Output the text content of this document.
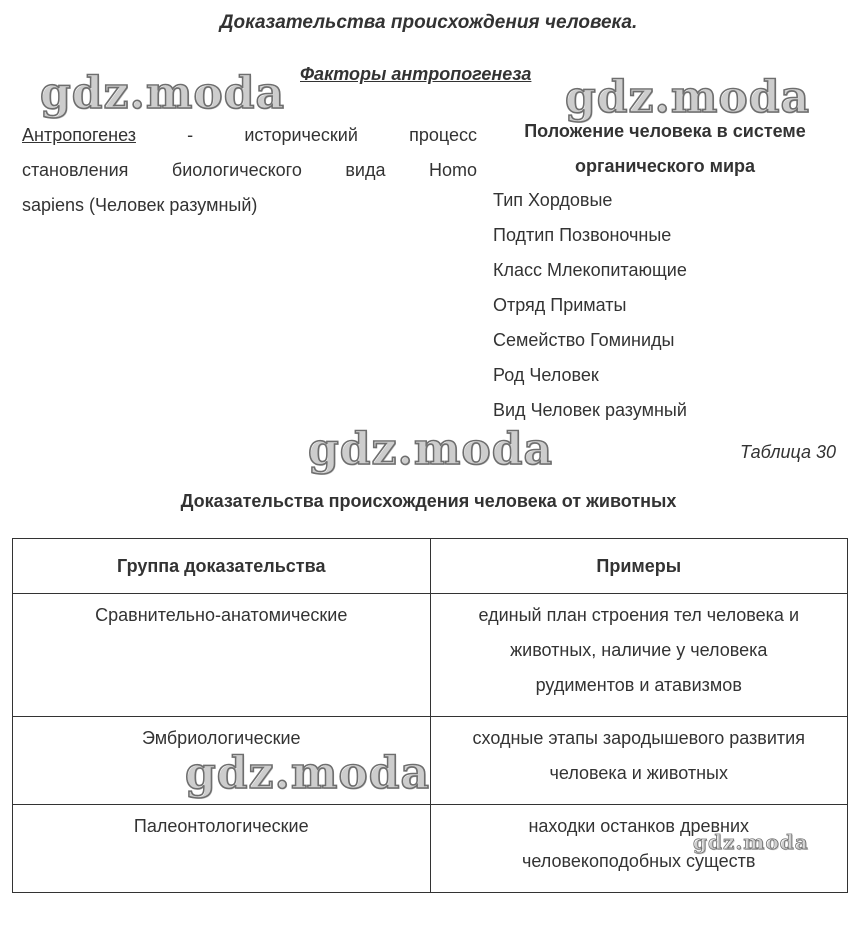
Доказательства происхождения человека.
Факторы антропогенеза
Антропогенез	-	исторический	процесс
становления биологического вида Homo
sapiens (Человек разумный)
Положение человека в системе
органического мира
Тип Хордовые
Подтип Позвоночные
Класс Млекопитающие
Отряд Приматы
Семейство Гоминиды
Род Человек
Вид Человек разумный
Таблица 30
Доказательства происхождения человека от животных
Группа доказательства	Примеры
Сравнительно-анатомические	единый план строения тел человека и
животных, наличие у человека
рудиментов и атавизмов

Эмбриологические	сходные этапы зародышевого развития
человека и животных

Палеонтологические	находки останков древних
человекоподобных существ
gdz.moda	gdz.moda
gdz.moda
gdz.moda
gdz.moda
